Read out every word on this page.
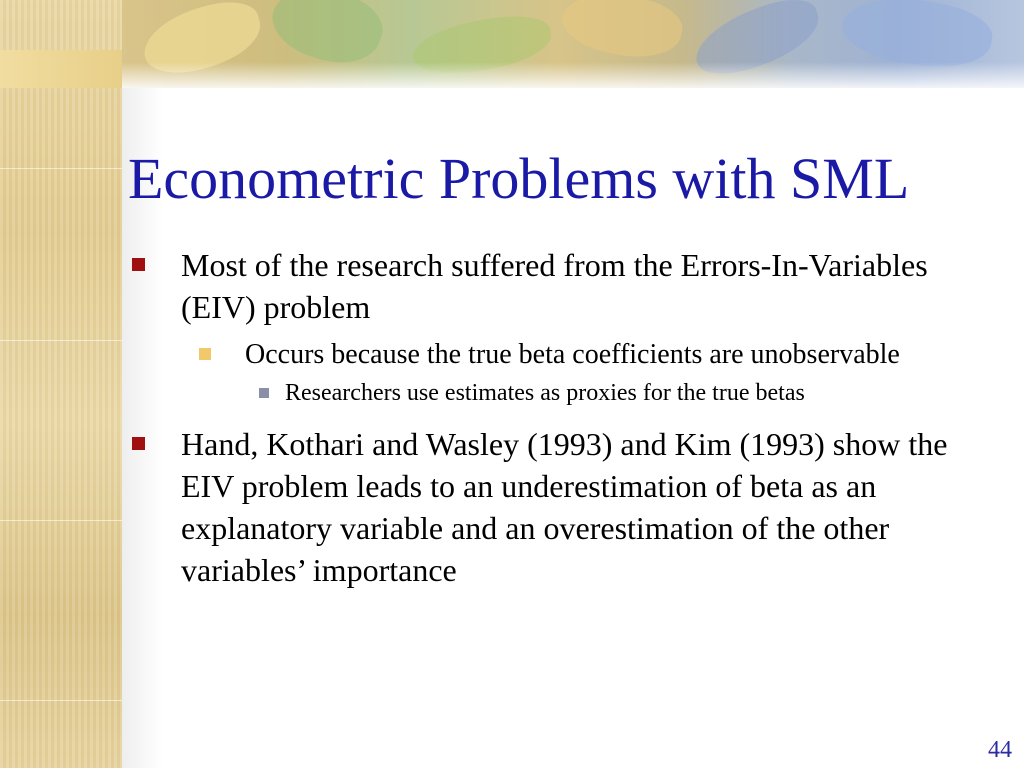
Econometric Problems with SML
Most of the research suffered from the Errors-In-Variables (EIV) problem
Occurs because the true beta coefficients are unobservable
Researchers use estimates as proxies for the true betas
Hand, Kothari and Wasley (1993) and Kim (1993) show the EIV problem leads to an underestimation of beta as an explanatory variable and an overestimation of the other variables’ importance
44
